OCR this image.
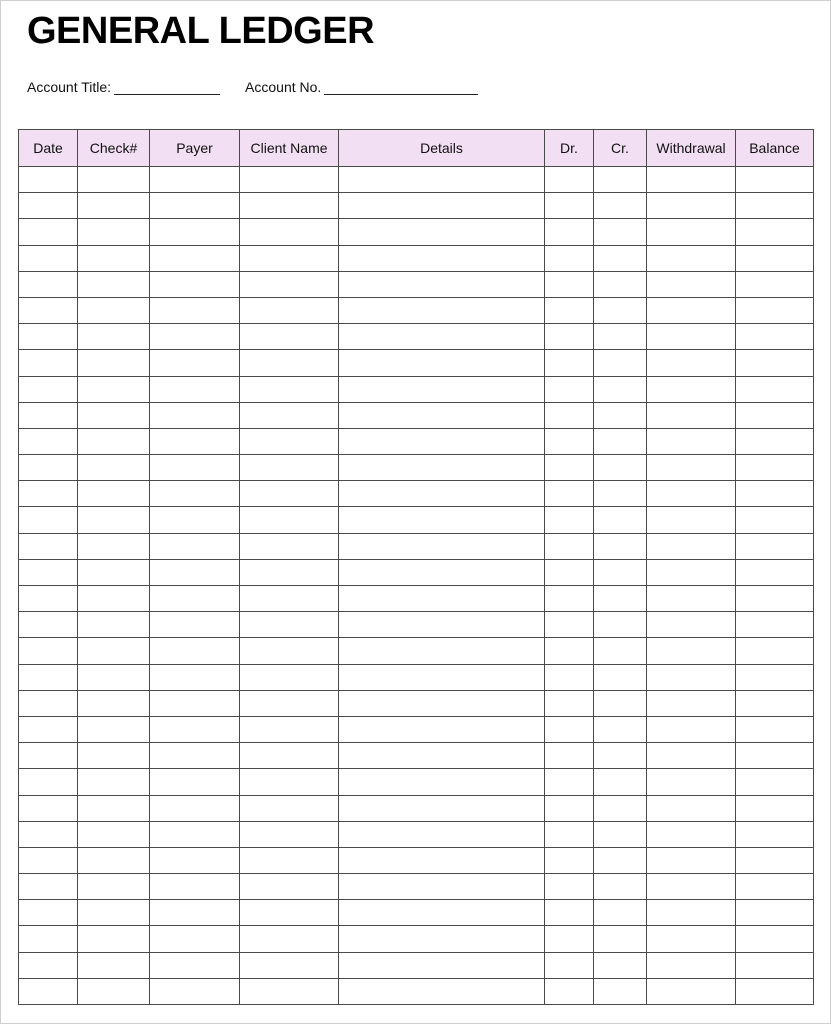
GENERAL LEDGER
Account Title:	Account No.
Date	Check#	Payer	Client Name	Details	Dr.	Cr.	Withdrawal	Balance
